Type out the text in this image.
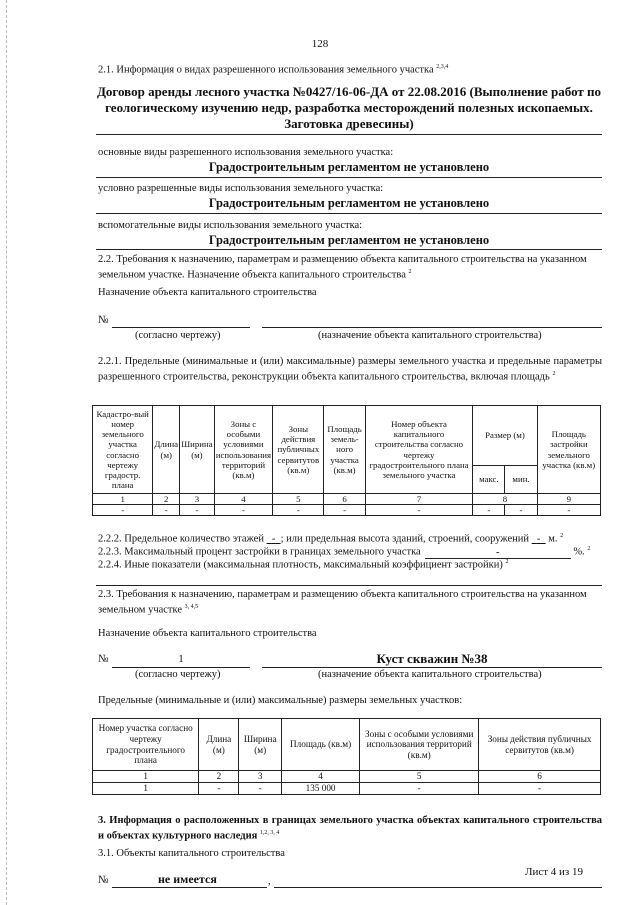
128
2.1. Информация о видах разрешенного использования земельного участка $^{2,3,4}$
Договор аренды лесного участка №0427/16-06-ДА от 22.08.2016 (Выполнение работ по геологическому изучению недр, разработка месторождений полезных ископаемых. Заготовка древесины)
основные виды разрешенного использования земельного участка:
Градостроительным регламентом не установлено
условно разрешенные виды использования земельного участка:
Градостроительным регламентом не установлено
вспомогательные виды использования земельного участка:
Градостроительным регламентом не установлено
2.2. Требования к назначению, параметрам и размещению объекта капитального строительства на указанном земельном участке. Назначение объекта капитального строительства $^2$
Назначение объекта капитального строительства
№
(согласно чертежу)	(назначение объекта капитального строительства)
2.2.1. Предельные (минимальные и (или) максимальные) размеры земельного участка и предельные параметры разрешенного строительства, реконструкции объекта капитального строительства, включая площадь $^2$
Кадастро-вый номер земельного участка согласно чертежу градостр. плана	Длина (м)	Ширина (м)	Зоны с особыми условиями использования территорий (кв.м)	Зоны действия публичных сервитутов (кв.м)	Площадь земель-ного участка (кв.м)	Номер объекта капитального строительства согласно чертежу градостроительного плана земельного участка	Размер (м)		Площадь застройки земельного участка (кв.м)
							макс.	мин.	
1	2	3	4	5	6	7	8		9
-	-	-	-	-	-	-	-	-	-
2.2.2. Предельное количество этажей - ; или предельная высота зданий, строений, сооружений - м. $^2$
2.2.3. Максимальный процент застройки в границах земельного участка	-	%. $^2$
2.2.4. Иные показатели (максимальная плотность, максимальный коэффициент застройки) $^2$
2.3. Требования к назначению, параметрам и размещению объекта капитального строительства на указанном земельном участке $^{3, 4,5}$
Назначение объекта капитального строительства
№	1	Куст скважин №38
(согласно чертежу)	(назначение объекта капитального строительства)
Предельные (минимальные и (или) максимальные) размеры земельных участков:
Номер участка согласно чертежу градостроительного плана	Длина (м)	Ширина (м)	Площадь (кв.м)	Зоны с особыми условиями использования территорий (кв.м)	Зоны действия публичных сервитутов (кв.м)
1	2	3	4	5	6
1	-	-	135 000	-	-
3. Информация о расположенных в границах земельного участка объектах капитального строительства и объектах культурного наследия $^{1,2, 3, 4}$
3.1. Объекты капитального строительства
Лист 4 из 19
№	не имеется	,
